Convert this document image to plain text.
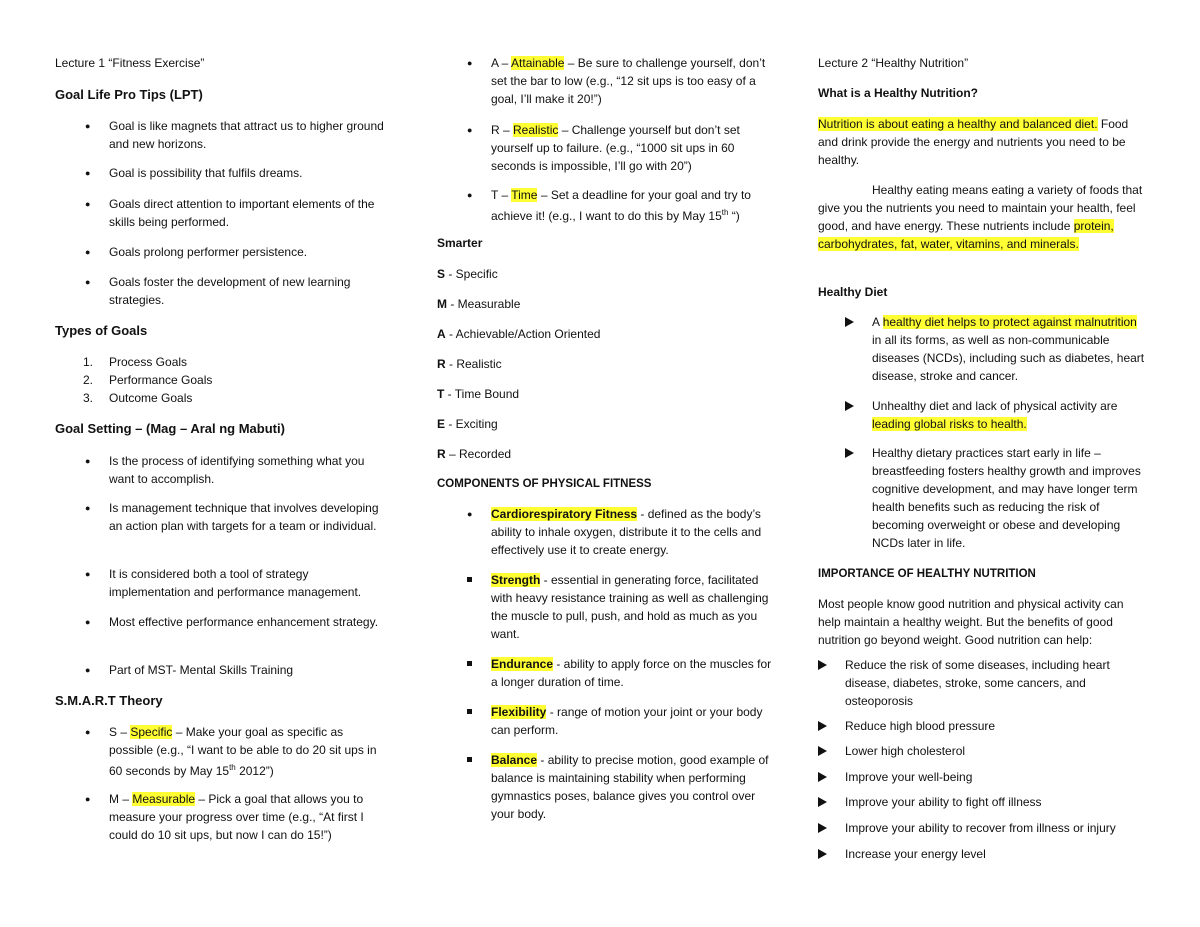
Lecture 1 “Fitness Exercise”
Goal Life Pro Tips (LPT)
● Goal is like magnets that attract us to higher ground and new horizons.
● Goal is possibility that fulfils dreams.
● Goals direct attention to important elements of the skills being performed.
● Goals prolong performer persistence.
● Goals foster the development of new learning strategies.
Types of Goals
1. Process Goals
2. Performance Goals
3. Outcome Goals
Goal Setting – (Mag – Aral ng Mabuti)
● Is the process of identifying something what you want to accomplish.
● Is management technique that involves developing an action plan with targets for a team or individual.
● It is considered both a tool of strategy implementation and performance management.
● Most effective performance enhancement strategy.
● Part of MST- Mental Skills Training
S.M.A.R.T Theory
● S – Specific – Make your goal as specific as possible (e.g., “I want to be able to do 20 sit ups in 60 seconds by May 15th 2012”)
● M – Measurable – Pick a goal that allows you to measure your progress over time (e.g., “At first I could do 10 sit ups, but now I can do 15!”)
● A – Attainable – Be sure to challenge yourself, don’t set the bar to low (e.g., “12 sit ups is too easy of a goal, I’ll make it 20!”)
● R – Realistic – Challenge yourself but don’t set yourself up to failure. (e.g., “1000 sit ups in 60 seconds is impossible, I’ll go with 20”)
● T – Time – Set a deadline for your goal and try to achieve it! (e.g., I want to do this by May 15th “)
Smarter
S - Specific
M - Measurable
A - Achievable/Action Oriented
R - Realistic
T - Time Bound
E - Exciting
R – Recorded
COMPONENTS OF PHYSICAL FITNESS
● Cardiorespiratory Fitness - defined as the body’s ability to inhale oxygen, distribute it to the cells and effectively use it to create energy.
Strength - essential in generating force, facilitated with heavy resistance training as well as challenging the muscle to pull, push, and hold as much as you want.
Endurance - ability to apply force on the muscles for a longer duration of time.
Flexibility - range of motion your joint or your body can perform.
Balance - ability to precise motion, good example of balance is maintaining stability when performing gymnastics poses, balance gives you control over your body.
Lecture 2 “Healthy Nutrition”
What is a Healthy Nutrition?
Nutrition is about eating a healthy and balanced diet. Food and drink provide the energy and nutrients you need to be healthy.
Healthy eating means eating a variety of foods that give you the nutrients you need to maintain your health, feel good, and have energy. These nutrients include protein, carbohydrates, fat, water, vitamins, and minerals.
Healthy Diet
A healthy diet helps to protect against malnutrition in all its forms, as well as non-communicable diseases (NCDs), including such as diabetes, heart disease, stroke and cancer.
Unhealthy diet and lack of physical activity are leading global risks to health.
Healthy dietary practices start early in life – breastfeeding fosters healthy growth and improves cognitive development, and may have longer term health benefits such as reducing the risk of becoming overweight or obese and developing NCDs later in life.
IMPORTANCE OF HEALTHY NUTRITION
Most people know good nutrition and physical activity can help maintain a healthy weight. But the benefits of good nutrition go beyond weight. Good nutrition can help:
Reduce the risk of some diseases, including heart disease, diabetes, stroke, some cancers, and osteoporosis
Reduce high blood pressure
Lower high cholesterol
Improve your well-being
Improve your ability to fight off illness
Improve your ability to recover from illness or injury
Increase your energy level
